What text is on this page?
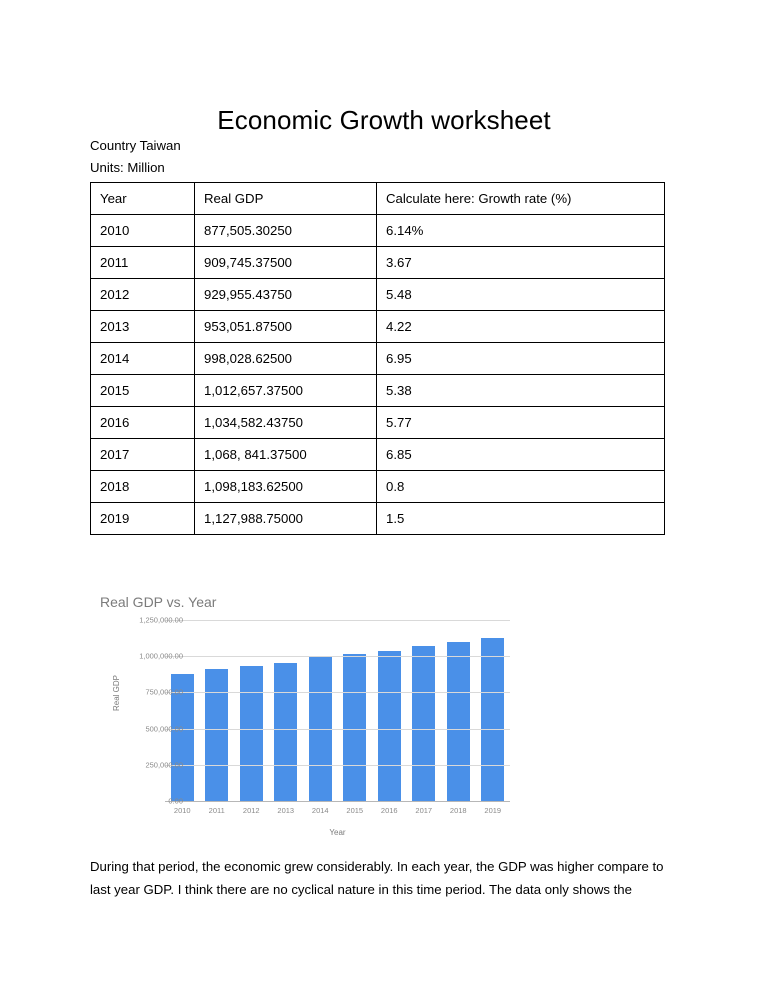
Economic Growth worksheet
Country Taiwan
Units: Million
Year	Real GDP	Calculate here: Growth rate (%)
2010	877,505.30250	6.14%
2011	909,745.37500	3.67
2012	929,955.43750	5.48
2013	953,051.87500	4.22
2014	998,028.62500	6.95
2015	1,012,657.37500	5.38
2016	1,034,582.43750	5.77
2017	1,068, 841.37500	6.85
2018	1,098,183.62500	0.8
2019	1,127,988.75000	1.5
Real GDP vs. Year
Real GDP
Year
0.00
250,000.00
500,000.00
750,000.00
1,000,000.00
1,250,000.00
2010 2011 2012 2013 2014 2015 2016 2017 2018 2019
During that period, the economic grew considerably. In each year, the GDP was higher compare to last year GDP. I think there are no cyclical nature in this time period. The data only shows the
